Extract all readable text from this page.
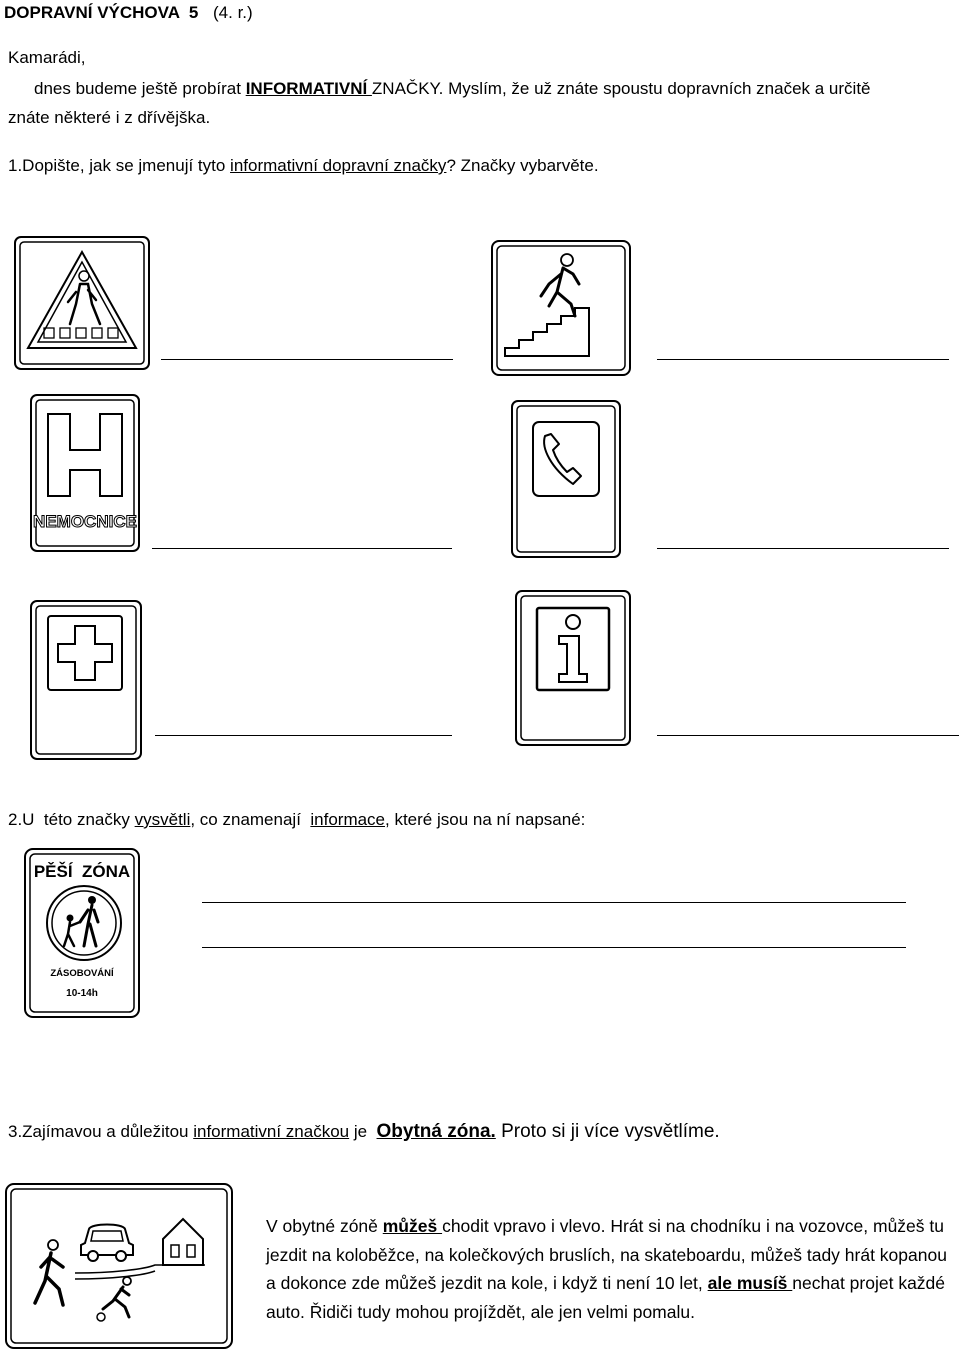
DOPRAVNÍ VÝCHOVA  5 (4. r.)
Kamarádi,
dnes budeme ještě probírat INFORMATIVNÍ ZNAČKY. Myslím, že už znáte spoustu dopravních značek a určitě
znáte některé i z dřívějška.
1.Dopište, jak se jmenují tyto informativní dopravní značky? Značky vybarvěte.
NEMOCNICE
2.U  této značky vysvětli, co znamenají  informace, které jsou na ní napsané:
PĚŠÍ  ZÓNA
ZÁSOBOVÁNÍ
10-14h
3.Zajímavou a důležitou informativní značkou je  Obytná zóna. Proto si ji více vysvětlíme.
V obytné zóně můžeš chodit vpravo i vlevo. Hrát si na chodníku i na vozovce, můžeš tu jezdit na koloběžce, na kolečkových bruslích, na skateboardu, můžeš tady hrát kopanou a dokonce zde můžeš jezdit na kole, i když ti není 10 let, ale musíš nechat projet každé auto. Řidiči tudy mohou projíždět, ale jen velmi pomalu.
